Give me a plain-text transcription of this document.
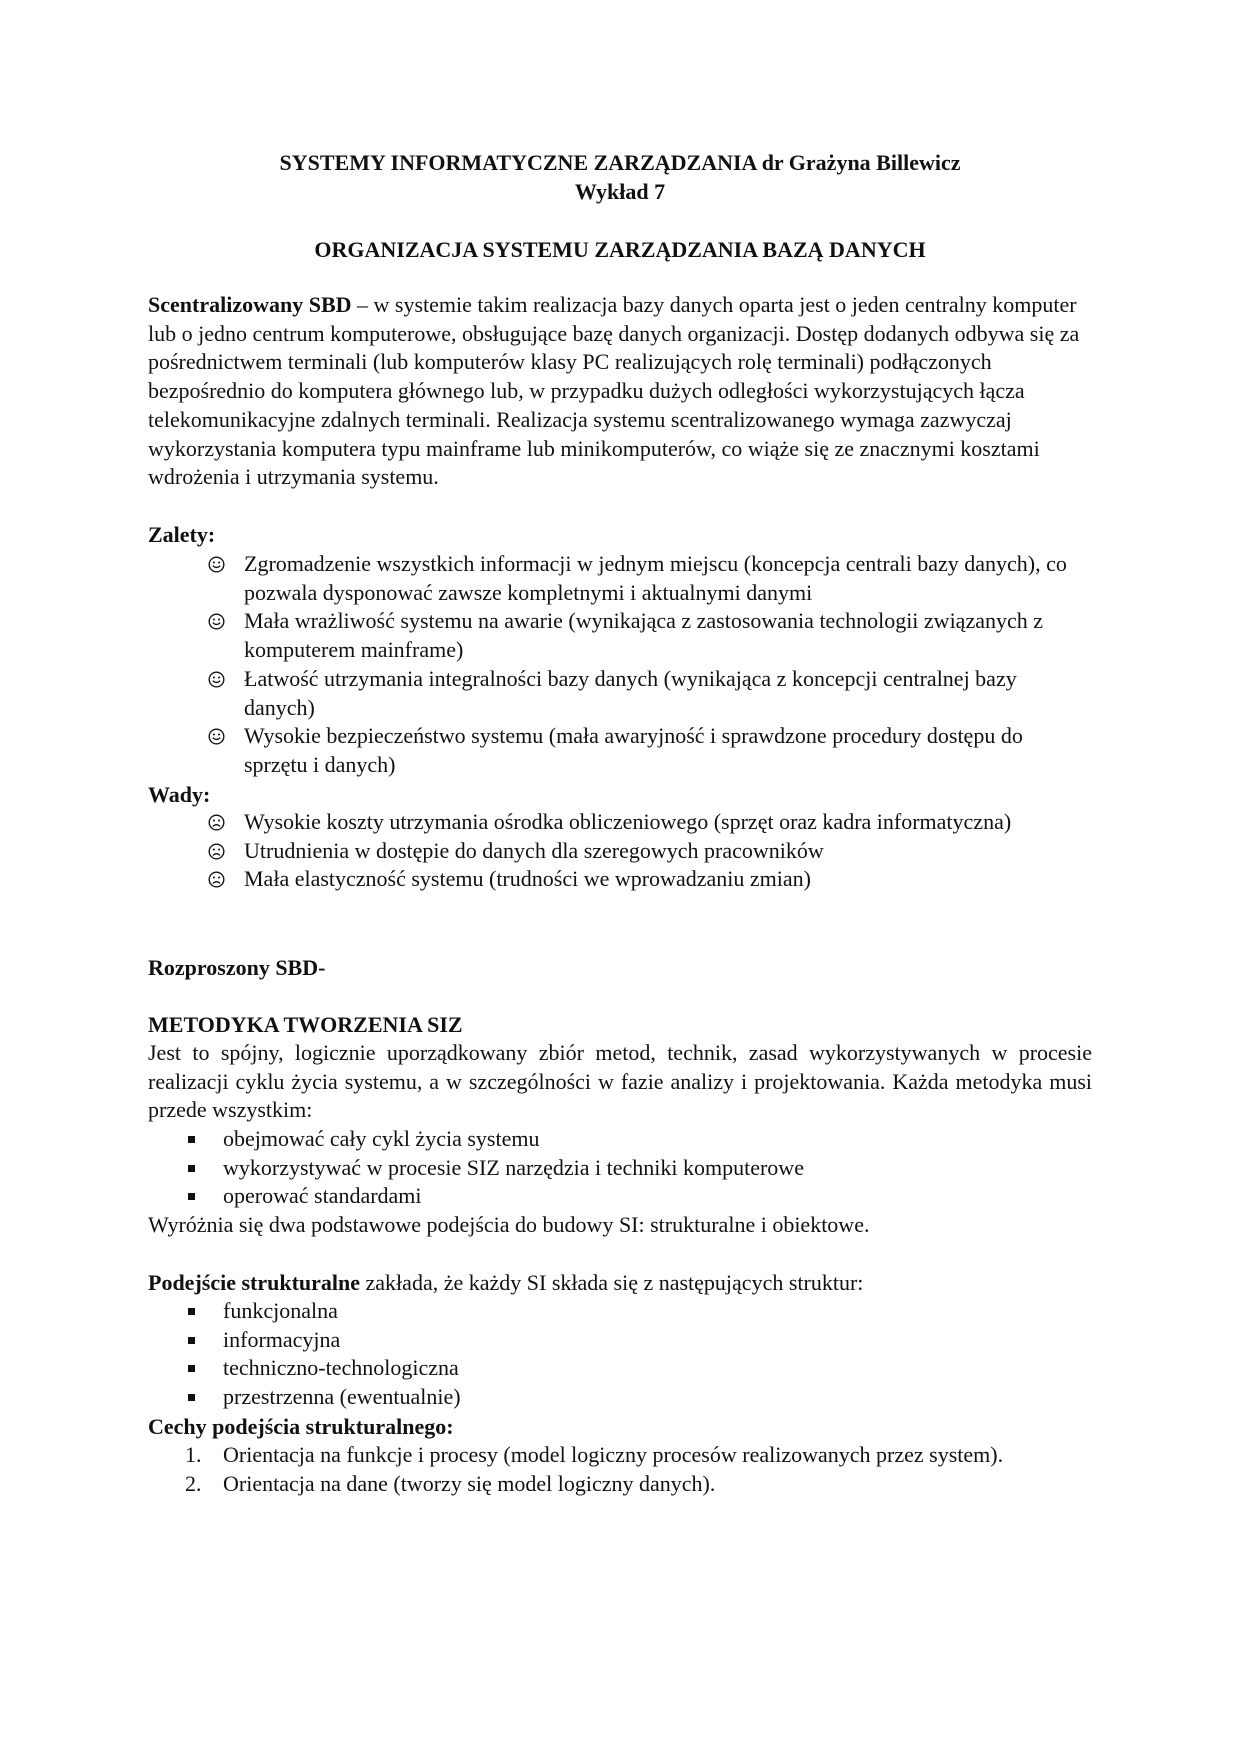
SYSTEMY INFORMATYCZNE ZARZĄDZANIA dr Grażyna Billewicz
Wykład 7
ORGANIZACJA SYSTEMU ZARZĄDZANIA BAZĄ DANYCH

Scentralizowany SBD – w systemie takim realizacja bazy danych oparta jest o jeden centralny komputer lub o jedno centrum komputerowe, obsługujące bazę danych organizacji. Dostęp dodanych odbywa się za pośrednictwem terminali (lub komputerów klasy PC realizujących rolę terminali) podłączonych bezpośrednio do komputera głównego lub, w przypadku dużych odległości wykorzystujących łącza telekomunikacyjne zdalnych terminali. Realizacja systemu scentralizowanego wymaga zazwyczaj wykorzystania komputera typu mainframe lub minikomputerów, co wiąże się ze znacznymi kosztami wdrożenia i utrzymania systemu.

Zalety:
Zgromadzenie wszystkich informacji w jednym miejscu (koncepcja centrali bazy danych), co pozwala dysponować zawsze kompletnymi i aktualnymi danymi
Mała wrażliwość systemu na awarie (wynikająca z zastosowania technologii związanych z komputerem mainframe)
Łatwość utrzymania integralności bazy danych (wynikająca z koncepcji centralnej bazy danych)
Wysokie bezpieczeństwo systemu (mała awaryjność i sprawdzone procedury dostępu do sprzętu i danych)
Wady:
Wysokie koszty utrzymania ośrodka obliczeniowego (sprzęt oraz kadra informatyczna)
Utrudnienia w dostępie do danych dla szeregowych pracowników
Mała elastyczność systemu (trudności we wprowadzaniu zmian)
Rozproszony SBD-
METODYKA TWORZENIA SIZ
Jest to spójny, logicznie uporządkowany zbiór metod, technik, zasad wykorzystywanych w procesie realizacji cyklu życia systemu, a w szczególności w fazie analizy i projektowania. Każda metodyka musi przede wszystkim:
obejmować cały cykl życia systemu
wykorzystywać w procesie SIZ narzędzia i techniki komputerowe
operować standardami
Wyróżnia się dwa podstawowe podejścia do budowy SI: strukturalne i obiektowe.
Podejście strukturalne zakłada, że każdy SI składa się z następujących struktur:
funkcjonalna
informacyjna
techniczno-technologiczna
przestrzenna (ewentualnie)
Cechy podejścia strukturalnego:
1. Orientacja na funkcje i procesy (model logiczny procesów realizowanych przez system).
2. Orientacja na dane (tworzy się model logiczny danych).
